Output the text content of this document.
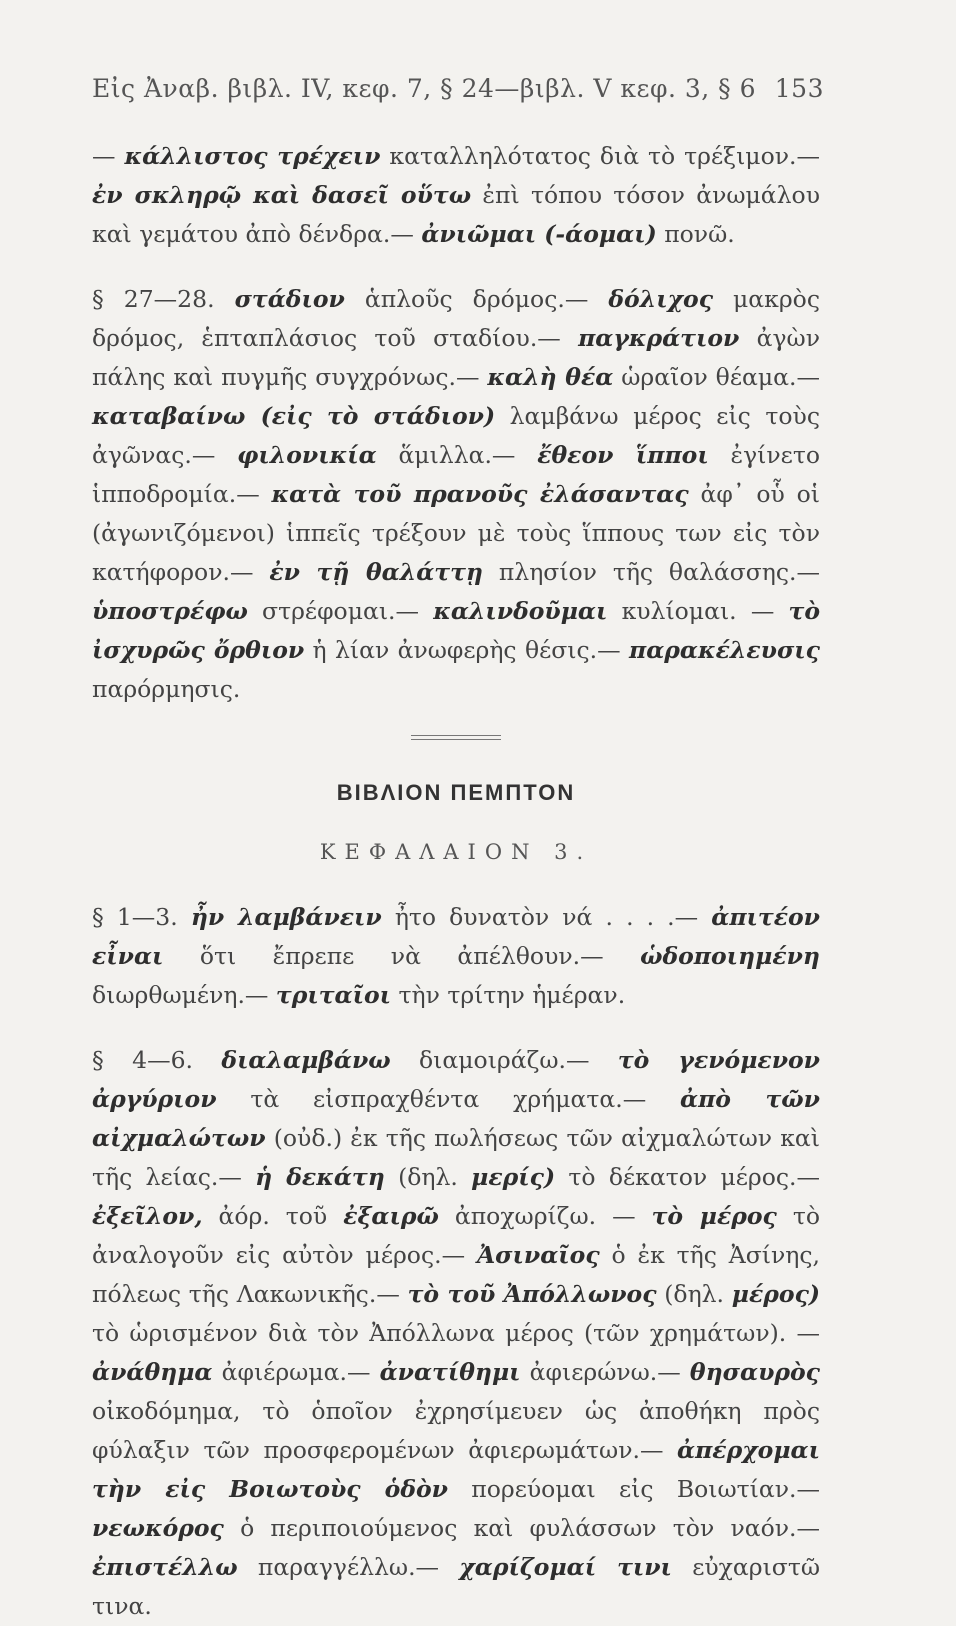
Εἰς Ἀναβ. βιβλ. IV, κεφ. 7, § 24—βιβλ. V κεφ. 3, § 6 153

— κάλλιστος τρέχειν καταλληλότατος διὰ τὸ τρέξιμον.— ἐν σκληρῷ καὶ δασεῖ οὕτω ἐπὶ τόπου τόσον ἀνωμάλου καὶ γεμάτου ἀπὸ δένδρα.— ἀνιῶμαι (-άομαι) πονῶ.

§ 27—28. στάδιον ἁπλοῦς δρόμος.— δόλιχος μακρὸς δρόμος, ἑπταπλάσιος τοῦ σταδίου.— παγκράτιον ἀγὼν πάλης καὶ πυγμῆς συγχρόνως.— καλὴ θέα ὡραῖον θέαμα.— καταβαίνω (εἰς τὸ στάδιον) λαμβάνω μέρος εἰς τοὺς ἀγῶνας.— φιλονικία ἅμιλλα.— ἔθεον ἵπποι ἐγίνετο ἱπποδρομία.— κατὰ τοῦ πρανοῦς ἐλάσαντας ἀφ᾿ οὗ οἱ (ἀγωνιζόμενοι) ἱππεῖς τρέξουν μὲ τοὺς ἵππους των εἰς τὸν κατήφορον.— ἐν τῇ θαλάττῃ πλησίον τῆς θαλάσσης.— ὑποστρέφω στρέφομαι.— καλινδοῦμαι κυλίομαι. — τὸ ἰσχυρῶς ὄρθιον ἡ λίαν ἀνωφερὴς θέσις.— παρακέλευσις παρόρμησις.

ΒΙΒΛΙΟΝ ΠΕΜΠΤΟΝ
ΚΕΦΑΛΑΙΟΝ 3.

§ 1—3. ἦν λαμβάνειν ἦτο δυνατὸν νά . . . .— ἀπιτέον εἶναι ὅτι ἔπρεπε νὰ ἀπέλθουν.— ὡδοποιημένη διωρθωμένη.— τριταῖοι τὴν τρίτην ἡμέραν.

§ 4—6. διαλαμβάνω διαμοιράζω.— τὸ γενόμενον ἀργύριον τὰ εἰσπραχθέντα χρήματα.— ἀπὸ τῶν αἰχμαλώτων (οὐδ.) ἐκ τῆς πωλήσεως τῶν αἰχμαλώτων καὶ τῆς λείας.— ἡ δεκάτη (δηλ. μερίς) τὸ δέκατον μέρος.— ἐξεῖλον, ἀόρ. τοῦ ἐξαιρῶ ἀποχωρίζω. — τὸ μέρος τὸ ἀναλογοῦν εἰς αὐτὸν μέρος.— Ἀσιναῖος ὁ ἐκ τῆς Ἀσίνης, πόλεως τῆς Λακωνικῆς.— τὸ τοῦ Ἀπόλλωνος (δηλ. μέρος) τὸ ὡρισμένον διὰ τὸν Ἀπόλλωνα μέρος (τῶν χρημάτων). — ἀνάθημα ἀφιέρωμα.— ἀνατίθημι ἀφιερώνω.— θησαυρὸς οἰκοδόμημα, τὸ ὁποῖον ἐχρησίμευεν ὡς ἀποθήκη πρὸς φύλαξιν τῶν προσφερομένων ἀφιερωμάτων.— ἀπέρχομαι τὴν εἰς Βοιωτοὺς ὁδὸν πορεύομαι εἰς Βοιωτίαν.— νεωκόρος ὁ περιποιούμενος καὶ φυλάσσων τὸν ναόν.— ἐπιστέλλω παραγγέλλω.— χαρίζομαί τινι εὐχαριστῶ τινα.
